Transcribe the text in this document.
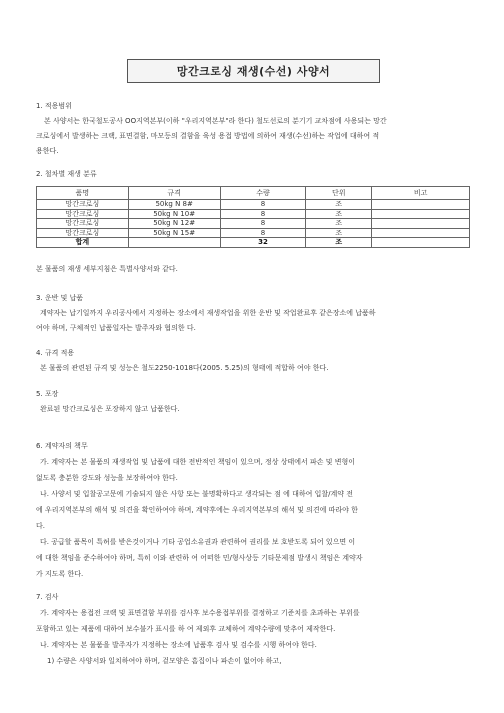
망간크로싱 재생(수선) 사양서
1. 적용범위
본 사양서는 한국철도공사 OO지역본부(이하 "우리지역본부"라 한다) 철도선로의 분기기 교차점에 사용되는 망간
크로싱에서 발생하는 크랙, 표면결함, 마모등의 결함을 육성 용접 방법에 의하여 재생(수선)하는 작업에 대하여 적
용한다.
2. 철차별 재생 분류
품명	규격	수량	단위	비고
망간크로싱	50kg N 8#	8	조	
망간크로싱	50kg N 10#	8	조	
망간크로싱	50kg N 12#	8	조	
망간크로싱	50kg N 15#	8	조	
합계		32	조	
본 물품의 재생 세부지침은 특별사양서와 같다.
3. 운반 및 납품
계약자는 납기일까지 우리공사에서 지정하는 장소에서 재생작업을 위한 운반 및 작업완료후 같은장소에 납품하
여야 하며, 구체적인 납품일자는 발주자와 협의한 다.
4. 규격 적용
본 물품의 관련된 규격 및 성능은 철도2250-1018다(2005. 5.25)의 형태에 적합하 여야 한다.
5. 포장
완료된 망간크로싱은 포장하지 않고 납품한다.
6. 계약자의 책무
가. 계약자는 본 물품의 재생작업 및 납품에 대한 전반적인 책임이 있으며, 정상 상태에서 파손 및 변형이
없도록 충분한 강도와 성능을 보장하여야 한다.
나. 사양서 및 입찰공고문에 기술되지 않은 사항 또는 불명확하다고 생각되는 점 에 대하여 입찰/계약 전
에 우리지역본부의 해석 및 의견을 확인하여야 하며, 계약후에는 우리지역본부의 해석 및 의견에 따라야 한
다.
다. 공급할 품목이 특허를 받은것이거나 기타 공업소유권과 관련하여 권리를 보 호받도록 되어 있으면 이
에 대한 책임을 준수하여야 하며, 특히 이와 관련하 여 어떠한 민/형사상등 기타문제점 발생시 책임은 계약자
가 지도록 한다.
7. 검사
가. 계약자는 용접전 크랙 및 표면결함 부위를 검사후 보수용접부위를 결정하고 기준치를 초과하는 부위를
포함하고 있는 제품에 대하여 보수불가 표시를 하 여 제외후 교체하여 계약수량에 맞추어 제작한다.
나. 계약자는 본 물품을 발주자가 지정하는 장소에 납품후 검사 및 검수를 시행 하여야 한다.
1) 수량은 사양서와 일치하여야 하며, 겉모양은 흠집이나 파손이 없어야 하고,
